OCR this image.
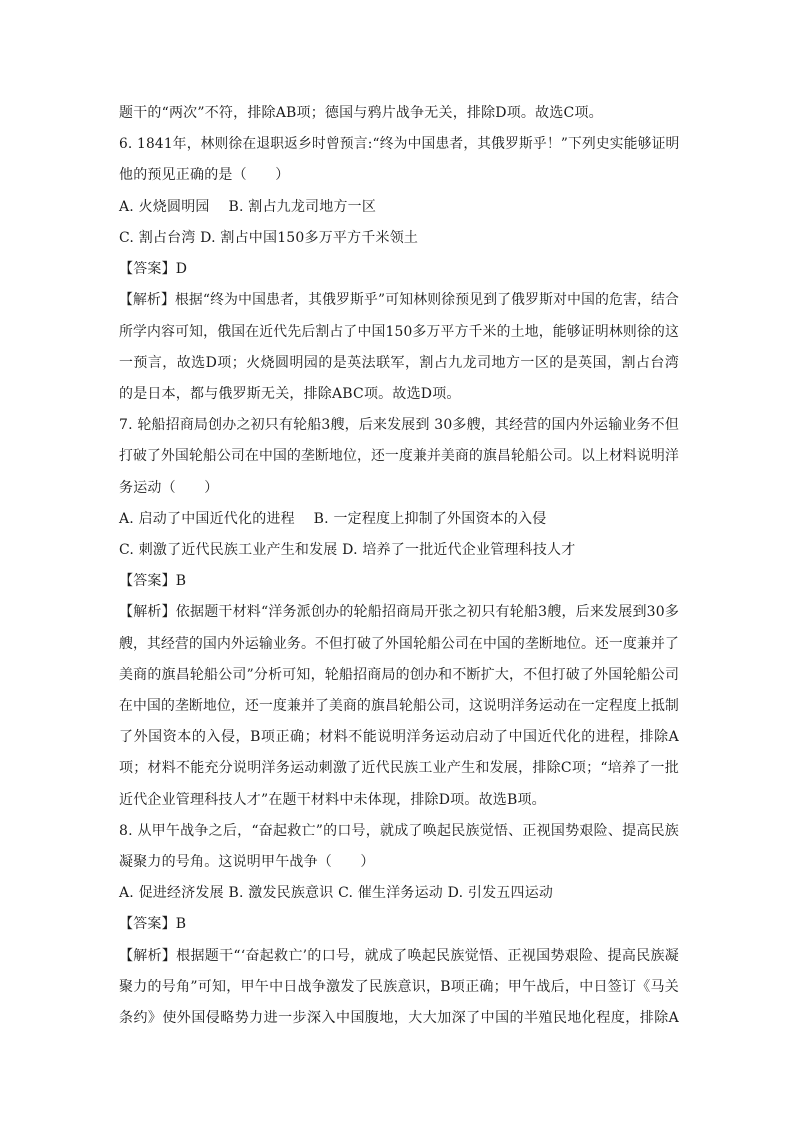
题干的“两次”不符，排除AB项；德国与鸦片战争无关，排除D项。故选C项。
6. 1841年，林则徐在退职返乡时曾预言:“终为中国患者，其俄罗斯乎！”下列史实能够证明
他的预见正确的是（　　）
A. 火烧圆明园　 B. 割占九龙司地方一区
C. 割占台湾 D. 割占中国150多万平方千米领土
【答案】D
【解析】根据“终为中国患者，其俄罗斯乎”可知林则徐预见到了俄罗斯对中国的危害，结合
所学内容可知，俄国在近代先后割占了中国150多万平方千米的土地，能够证明林则徐的这
一预言，故选D项；火烧圆明园的是英法联军，割占九龙司地方一区的是英国，割占台湾
的是日本，都与俄罗斯无关，排除ABC项。故选D项。
7. 轮船招商局创办之初只有轮船3艘，后来发展到 30多艘，其经营的国内外运输业务不但
打破了外国轮船公司在中国的垄断地位，还一度兼并美商的旗昌轮船公司。以上材料说明洋
务运动（　　）
A. 启动了中国近代化的进程　 B. 一定程度上抑制了外国资本的入侵
C. 刺激了近代民族工业产生和发展 D. 培养了一批近代企业管理科技人才
【答案】B
【解析】依据题干材料“洋务派创办的轮船招商局开张之初只有轮船3艘，后来发展到30多
艘，其经营的国内外运输业务。不但打破了外国轮船公司在中国的垄断地位。还一度兼并了
美商的旗昌轮船公司”分析可知，轮船招商局的创办和不断扩大，不但打破了外国轮船公司
在中国的垄断地位，还一度兼并了美商的旗昌轮船公司，这说明洋务运动在一定程度上抵制
了外国资本的入侵，B项正确；材料不能说明洋务运动启动了中国近代化的进程，排除A
项；材料不能充分说明洋务运动刺激了近代民族工业产生和发展，排除C项；“培养了一批
近代企业管理科技人才”在题干材料中未体现，排除D项。故选B项。
8. 从甲午战争之后，“奋起救亡”的口号，就成了唤起民族觉悟、正视国势艰险、提高民族
凝聚力的号角。这说明甲午战争（　　）
A. 促进经济发展 B. 激发民族意识 C. 催生洋务运动 D. 引发五四运动
【答案】B
【解析】根据题干“‘奋起救亡’的口号，就成了唤起民族觉悟、正视国势艰险、提高民族凝
聚力的号角”可知，甲午中日战争激发了民族意识，B项正确；甲午战后，中日签订《马关
条约》使外国侵略势力进一步深入中国腹地，大大加深了中国的半殖民地化程度，排除A
